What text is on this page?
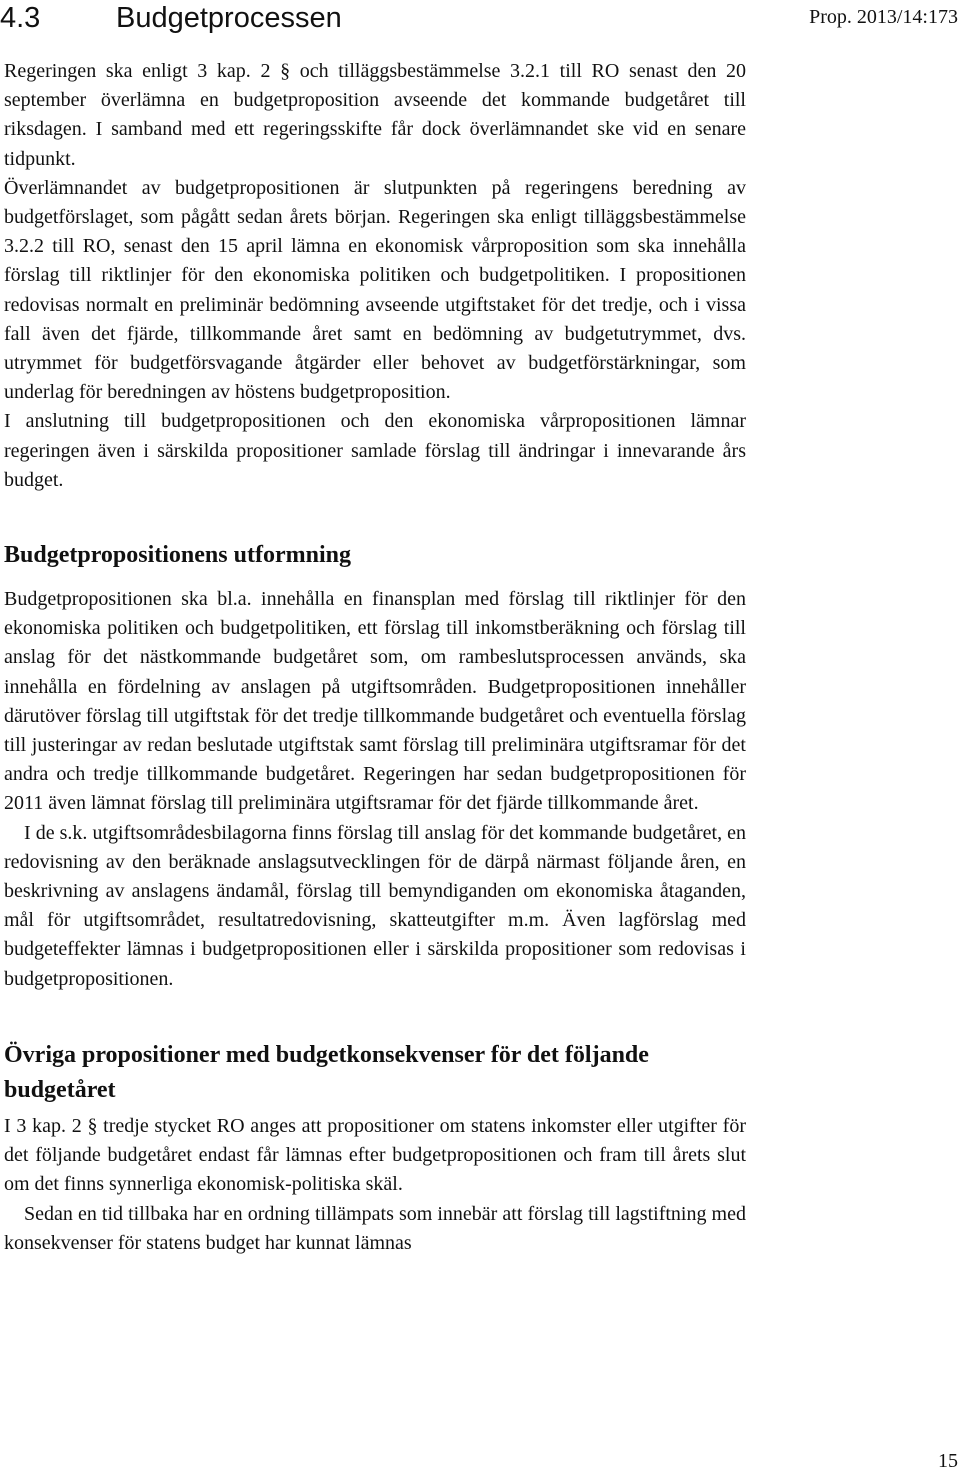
4.3	Budgetprocessen	Prop. 2013/14:173

Regeringen ska enligt 3 kap. 2 § och tilläggsbestämmelse 3.2.1 till RO senast den 20 september överlämna en budgetproposition avseende det kommande budgetåret till riksdagen. I samband med ett regeringsskifte får dock överlämnandet ske vid en senare tidpunkt.

Överlämnandet av budgetpropositionen är slutpunkten på regeringens beredning av budgetförslaget, som pågått sedan årets början. Regeringen ska enligt tilläggsbestämmelse 3.2.2 till RO, senast den 15 april lämna en ekonomisk vårproposition som ska innehålla förslag till riktlinjer för den ekonomiska politiken och budgetpolitiken. I propositionen redovisas normalt en preliminär bedömning avseende utgiftstaket för det tredje, och i vissa fall även det fjärde, tillkommande året samt en bedömning av budgetutrymmet, dvs. utrymmet för budgetförsvagande åtgärder eller behovet av budgetförstärkningar, som underlag för beredningen av höstens budgetproposition.

I anslutning till budgetpropositionen och den ekonomiska vårpropositionen lämnar regeringen även i särskilda propositioner samlade förslag till ändringar i innevarande års budget.

Budgetpropositionens utformning

Budgetpropositionen ska bl.a. innehålla en finansplan med förslag till riktlinjer för den ekonomiska politiken och budgetpolitiken, ett förslag till inkomstberäkning och förslag till anslag för det nästkommande budgetåret som, om rambeslutsprocessen används, ska innehålla en fördelning av anslagen på utgiftsområden. Budgetpropositionen innehåller därutöver förslag till utgiftstak för det tredje tillkommande budgetåret och eventuella förslag till justeringar av redan beslutade utgiftstak samt förslag till preliminära utgiftsramar för det andra och tredje tillkommande budgetåret. Regeringen har sedan budgetpropositionen för 2011 även lämnat förslag till preliminära utgiftsramar för det fjärde tillkommande året.

I de s.k. utgiftsområdesbilagorna finns förslag till anslag för det kommande budgetåret, en redovisning av den beräknade anslagsutvecklingen för de därpå närmast följande åren, en beskrivning av anslagens ändamål, förslag till bemyndiganden om ekonomiska åtaganden, mål för utgiftsområdet, resultatredovisning, skatteutgifter m.m. Även lagförslag med budgeteffekter lämnas i budgetpropositionen eller i särskilda propositioner som redovisas i budgetpropositionen.

Övriga propositioner med budgetkonsekvenser för det följande budgetåret

I 3 kap. 2 § tredje stycket RO anges att propositioner om statens inkomster eller utgifter för det följande budgetåret endast får lämnas efter budgetpropositionen och fram till årets slut om det finns synnerliga ekonomisk-politiska skäl.

Sedan en tid tillbaka har en ordning tillämpats som innebär att förslag till lagstiftning med konsekvenser för statens budget har kunnat lämnas

15
